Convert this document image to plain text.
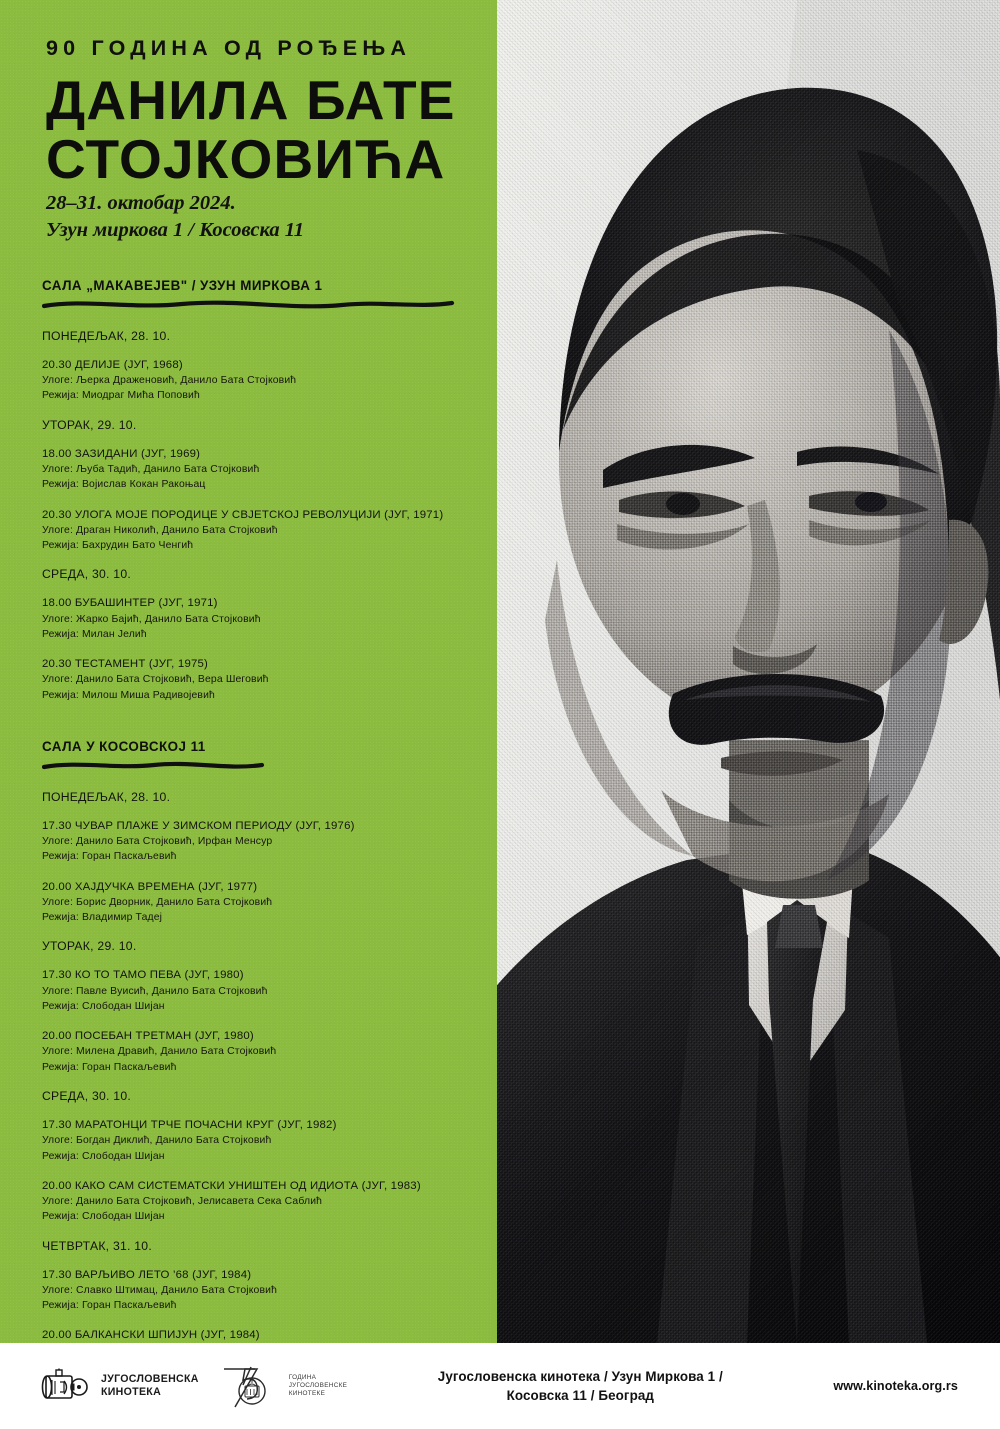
90 ГОДИНА ОД РОЂЕЊА
ДАНИЛА БАТЕ
СТОЈКОВИЋА
28–31. октобар 2024.
Узун миркова 1 / Косовска 11
САЛА „МАКАВЕЈЕВ" / УЗУН МИРКОВА 1
ПОНЕДЕЉАК, 28. 10.
20.30 ДЕЛИЈЕ (ЈУГ, 1968)
Улоге: Љерка Драженовић, Данило Бата Стојковић
Режија: Миодраг Мића Поповић
УТОРАК, 29. 10.
18.00 ЗАЗИДАНИ (ЈУГ, 1969)
Улоге: Љуба Тадић, Данило Бата Стојковић
Режија: Војислав Кокан Ракоњац
20.30 УЛОГА МОЈЕ ПОРОДИЦЕ У СВЈЕТСКОЈ РЕВОЛУЦИЈИ (ЈУГ, 1971)
Улоге: Драган Николић, Данило Бата Стојковић
Режија: Бахрудин Бато Ченгић
СРЕДА, 30. 10.
18.00 БУБАШИНТЕР (ЈУГ, 1971)
Улоге: Жарко Бајић, Данило Бата Стојковић
Режија: Милан Јелић
20.30 ТЕСТАМЕНТ (ЈУГ, 1975)
Улоге: Данило Бата Стојковић, Вера Шеговић
Режија: Милош Миша Радивојевић
САЛА У КОСОВСКОЈ 11
ПОНЕДЕЉАК, 28. 10.
17.30 ЧУВАР ПЛАЖЕ У ЗИМСКОМ ПЕРИОДУ (ЈУГ, 1976)
Улоге: Данило Бата Стојковић, Ирфан Менсур
Режија: Горан Паскаљевић
20.00 ХАЈДУЧКА ВРЕМЕНА (ЈУГ, 1977)
Улоге: Борис Дворник, Данило Бата Стојковић
Режија: Владимир Тадеј
УТОРАК, 29. 10.
17.30 КО ТО ТАМО ПЕВА (ЈУГ, 1980)
Улоге: Павле Вуисић, Данило Бата Стојковић
Режија: Слободан Шијан
20.00 ПОСЕБАН ТРЕТМАН (ЈУГ, 1980)
Улоге: Милена Дравић, Данило Бата Стојковић
Режија: Горан Паскаљевић
СРЕДА, 30. 10.
17.30 МАРАТОНЦИ ТРЧЕ ПОЧАСНИ КРУГ (ЈУГ, 1982)
Улоге: Богдан Диклић, Данило Бата Стојковић
Режија: Слободан Шијан
20.00 КАКО САМ СИСТЕМАТСКИ УНИШТЕН ОД ИДИОТА (ЈУГ, 1983)
Улоге: Данило Бата Стојковић, Јелисавета Сека Саблић
Режија: Слободан Шијан
ЧЕТВРТАК, 31. 10.
17.30 ВАРЉИВО ЛЕТО ’68 (ЈУГ, 1984)
Улоге: Славко Штимац, Данило Бата Стојковић
Режија: Горан Паскаљевић
20.00 БАЛКАНСКИ ШПИЈУН (ЈУГ, 1984)
ЈУГОСЛОВЕНСКА
КИНОТЕКА
ГОДИНА
ЈУГОСЛОВЕНСКЕ
КИНОТЕКЕ
Југословенска кинотека / Узун Миркова 1 /
Косовска 11 / Београд
www.kinoteka.org.rs
